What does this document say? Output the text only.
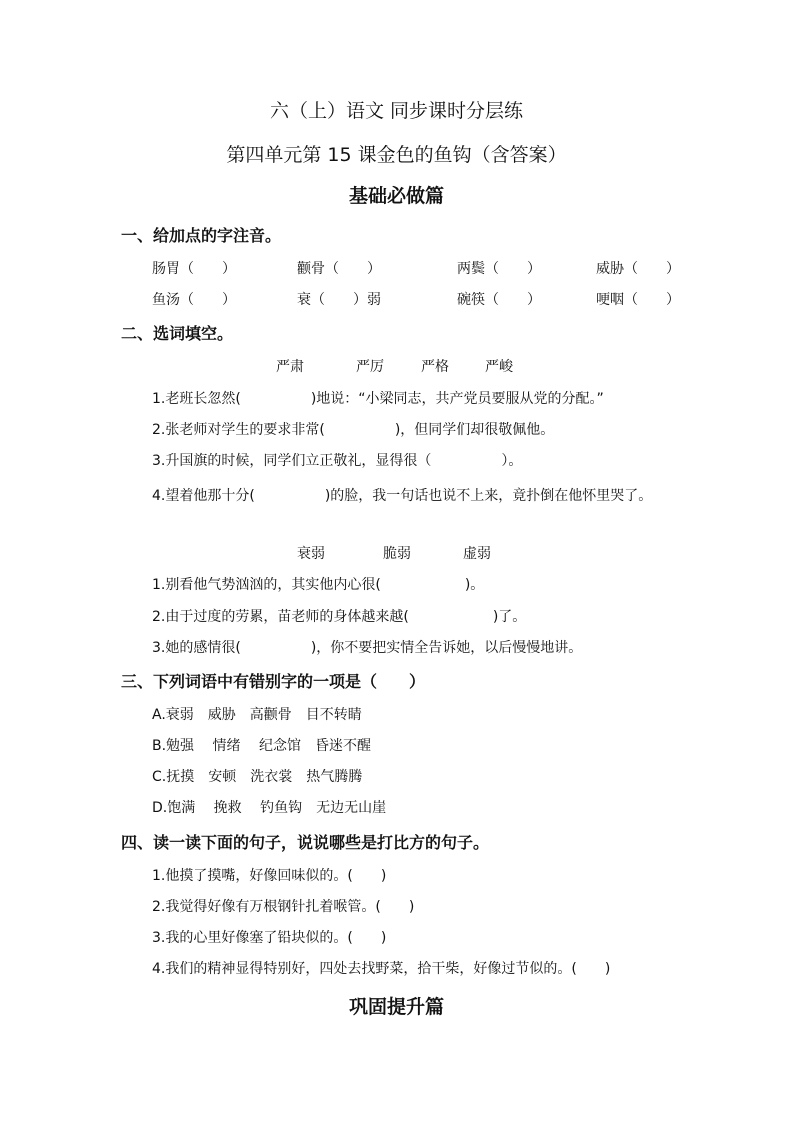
六（上）语文 同步课时分层练
第四单元第 15 课金色的鱼钩（含答案）
基础必做篇
一、给加点的字注音。
肠胃（　　）	颧骨（　　）	两鬓（　　）	威胁（　　）
鱼汤（　　）	衰（　　）弱	碗筷（　　）	哽咽（　　）
二、选词填空。
严肃	严厉	严格	严峻
1.老班长忽然(　　　　　)地说：“小梁同志，共产党员要服从党的分配。”
2.张老师对学生的要求非常(　　　　　)，但同学们却很敬佩他。
3.升国旗的时候，同学们立正敬礼，显得很（　　　　　）。
4.望着他那十分(　　　　　)的脸，我一句话也说不上来，竟扑倒在他怀里哭了。
衰弱	脆弱	虚弱
1.别看他气势汹汹的，其实他内心很(　　　　　　)。
2.由于过度的劳累，苗老师的身体越来越(　　　　　　)了。
3.她的感情很(　　　　　)，你不要把实情全告诉她，以后慢慢地讲。
三、下列词语中有错别字的一项是（　　）
A.衰弱　威胁　高颧骨　目不转睛
B.勉强　 情绪　 纪念馆　昏迷不醒
C.抚摸　安顿　洗衣裳　热气腾腾
D.饱满　 挽救　 钓鱼钩　无边无山崖
四、读一读下面的句子，说说哪些是打比方的句子。
1.他摸了摸嘴，好像回味似的。(　　)
2.我觉得好像有万根钢针扎着喉管。(　　)
3.我的心里好像塞了铅块似的。(　　)
4.我们的精神显得特别好，四处去找野菜，拾干柴，好像过节似的。(　　)
巩固提升篇
